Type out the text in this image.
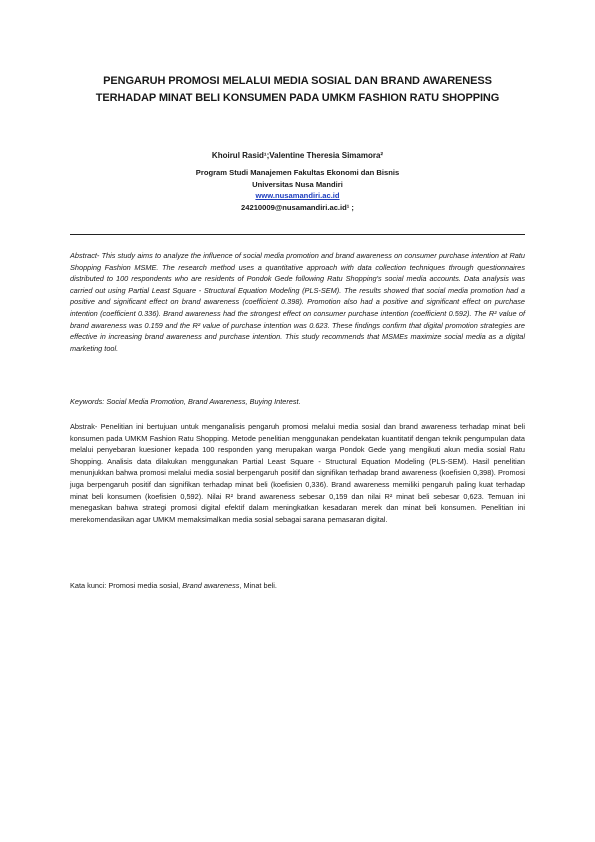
PENGARUH PROMOSI MELALUI MEDIA SOSIAL DAN BRAND AWARENESS TERHADAP MINAT BELI KONSUMEN PADA UMKM FASHION RATU SHOPPING
Khoirul Rasid¹;Valentine Theresia Simamora²
Program Studi Manajemen Fakultas Ekonomi dan Bisnis
Universitas Nusa Mandiri
www.nusamandiri.ac.id
24210009@nusamandiri.ac.id¹ ;
Abstract- This study aims to analyze the influence of social media promotion and brand awareness on consumer purchase intention at Ratu Shopping Fashion MSME. The research method uses a quantitative approach with data collection techniques through questionnaires distributed to 100 respondents who are residents of Pondok Gede following Ratu Shopping's social media accounts. Data analysis was carried out using Partial Least Square - Structural Equation Modeling (PLS-SEM). The results showed that social media promotion had a positive and significant effect on brand awareness (coefficient 0.398). Promotion also had a positive and significant effect on purchase intention (coefficient 0.336). Brand awareness had the strongest effect on consumer purchase intention (coefficient 0.592). The R² value of brand awareness was 0.159 and the R² value of purchase intention was 0.623. These findings confirm that digital promotion strategies are effective in increasing brand awareness and purchase intention. This study recommends that MSMEs maximize social media as a digital marketing tool.
Keywords: Social Media Promotion, Brand Awareness, Buying Interest.
Abstrak- Penelitian ini bertujuan untuk menganalisis pengaruh promosi melalui media sosial dan brand awareness terhadap minat beli konsumen pada UMKM Fashion Ratu Shopping. Metode penelitian menggunakan pendekatan kuantitatif dengan teknik pengumpulan data melalui penyebaran kuesioner kepada 100 responden yang merupakan warga Pondok Gede yang mengikuti akun media sosial Ratu Shopping. Analisis data dilakukan menggunakan Partial Least Square - Structural Equation Modeling (PLS-SEM). Hasil penelitian menunjukkan bahwa promosi melalui media sosial berpengaruh positif dan signifikan terhadap brand awareness (koefisien 0,398). Promosi juga berpengaruh positif dan signifikan terhadap minat beli (koefisien 0,336). Brand awareness memiliki pengaruh paling kuat terhadap minat beli konsumen (koefisien 0,592). Nilai R² brand awareness sebesar 0,159 dan nilai R² minat beli sebesar 0,623. Temuan ini menegaskan bahwa strategi promosi digital efektif dalam meningkatkan kesadaran merek dan minat beli konsumen. Penelitian ini merekomendasikan agar UMKM memaksimalkan media sosial sebagai sarana pemasaran digital.
Kata kunci: Promosi media sosial, Brand awareness, Minat beli.
